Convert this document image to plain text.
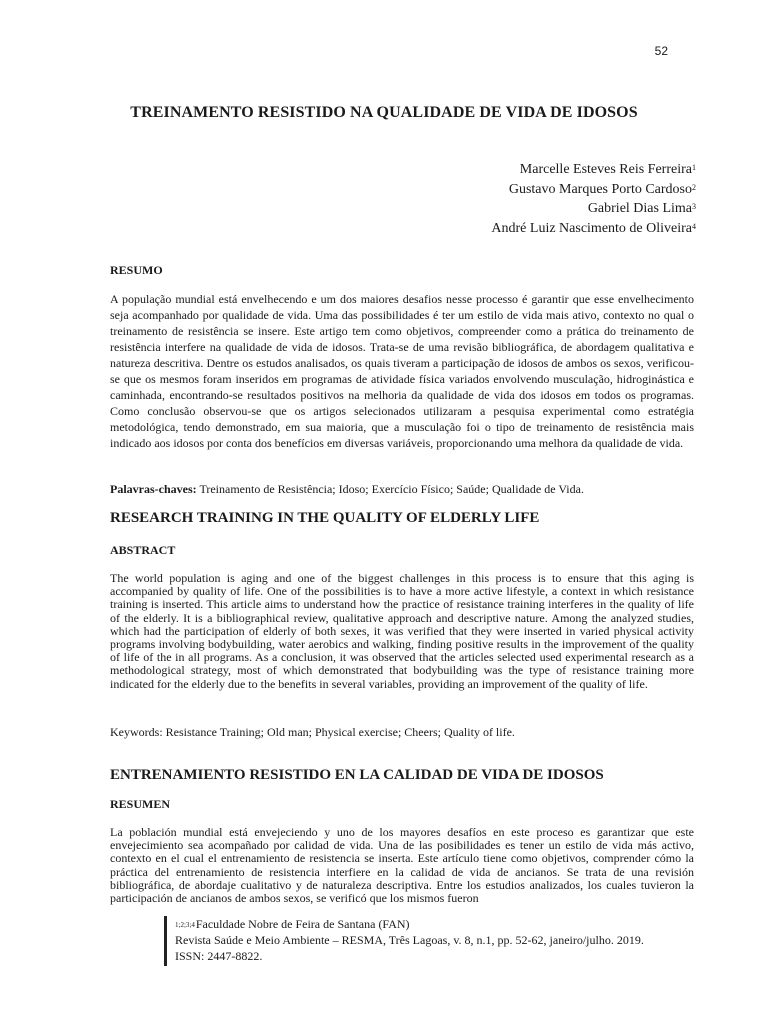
52
TREINAMENTO RESISTIDO NA QUALIDADE DE VIDA DE IDOSOS
Marcelle Esteves Reis Ferreira$^1$
Gustavo Marques Porto Cardoso$^2$
Gabriel Dias Lima$^3$
André Luiz Nascimento de Oliveira$^4$
RESUMO
A população mundial está envelhecendo e um dos maiores desafios nesse processo é garantir que esse envelhecimento seja acompanhado por qualidade de vida. Uma das possibilidades é ter um estilo de vida mais ativo, contexto no qual o treinamento de resistência se insere. Este artigo tem como objetivos, compreender como a prática do treinamento de resistência interfere na qualidade de vida de idosos. Trata-se de uma revisão bibliográfica, de abordagem qualitativa e natureza descritiva. Dentre os estudos analisados, os quais tiveram a participação de idosos de ambos os sexos, verificou-se que os mesmos foram inseridos em programas de atividade física variados envolvendo musculação, hidroginástica e caminhada, encontrando-se resultados positivos na melhoria da qualidade de vida dos idosos em todos os programas. Como conclusão observou-se que os artigos selecionados utilizaram a pesquisa experimental como estratégia metodológica, tendo demonstrado, em sua maioria, que a musculação foi o tipo de treinamento de resistência mais indicado aos idosos por conta dos benefícios em diversas variáveis, proporcionando uma melhora da qualidade de vida.
Palavras-chaves: Treinamento de Resistência; Idoso; Exercício Físico; Saúde; Qualidade de Vida.
RESEARCH TRAINING IN THE QUALITY OF ELDERLY LIFE
ABSTRACT
The world population is aging and one of the biggest challenges in this process is to ensure that this aging is accompanied by quality of life. One of the possibilities is to have a more active lifestyle, a context in which resistance training is inserted. This article aims to understand how the practice of resistance training interferes in the quality of life of the elderly. It is a bibliographical review, qualitative approach and descriptive nature. Among the analyzed studies, which had the participation of elderly of both sexes, it was verified that they were inserted in varied physical activity programs involving bodybuilding, water aerobics and walking, finding positive results in the improvement of the quality of life of the in all programs. As a conclusion, it was observed that the articles selected used experimental research as a methodological strategy, most of which demonstrated that bodybuilding was the type of resistance training more indicated for the elderly due to the benefits in several variables, providing an improvement of the quality of life.
Keywords: Resistance Training; Old man; Physical exercise; Cheers; Quality of life.
ENTRENAMIENTO RESISTIDO EN LA CALIDAD DE VIDA DE IDOSOS
RESUMEN
La población mundial está envejeciendo y uno de los mayores desafíos en este proceso es garantizar que este envejecimiento sea acompañado por calidad de vida. Una de las posibilidades es tener un estilo de vida más activo, contexto en el cual el entrenamiento de resistencia se inserta. Este artículo tiene como objetivos, comprender cómo la práctica del entrenamiento de resistencia interfiere en la calidad de vida de ancianos. Se trata de una revisión bibliográfica, de abordaje cualitativo y de naturaleza descriptiva. Entre los estudios analizados, los cuales tuvieron la participación de ancianos de ambos sexos, se verificó que los mismos fueron
$^{1;2;3;4}$Faculdade Nobre de Feira de Santana (FAN)
Revista Saúde e Meio Ambiente – RESMA, Três Lagoas, v. 8, n.1, pp. 52-62, janeiro/julho. 2019.
ISSN: 2447-8822.
